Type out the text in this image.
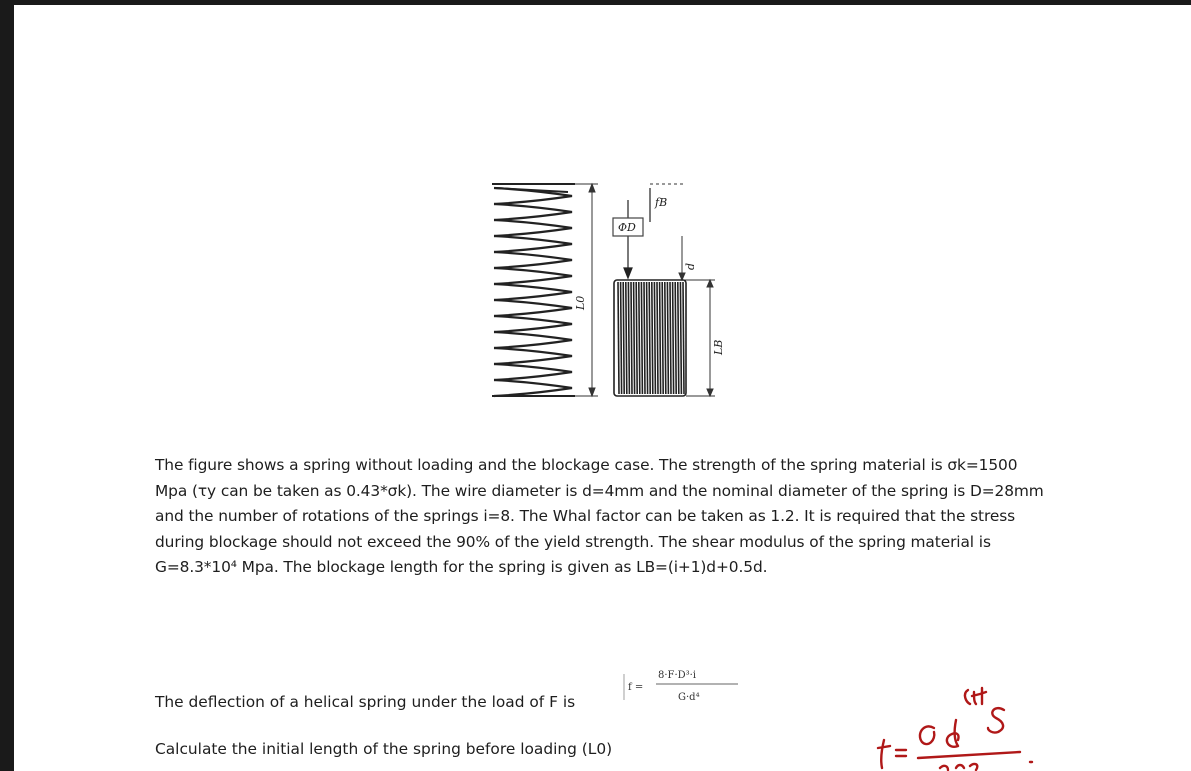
L0
ΦD
fB
d
LB
The figure shows a spring without loading and the blockage case. The strength of the spring material is σk=1500 Mpa (τy can be taken as 0.43*σk). The wire diameter is d=4mm and the nominal diameter of the spring is D=28mm and the number of rotations of the springs i=8. The Whal factor can be taken as 1.2. It is required that the stress during blockage should not exceed the 90% of the yield strength. The shear modulus of the spring material is G=8.3*10⁴ Mpa. The blockage length for the spring is given as LB=(i+1)d+0.5d.
The deflection of a helical spring under the load of F is
f =
8·F·D³·i
G·d⁴
Calculate the initial length of the spring before loading (L0)
